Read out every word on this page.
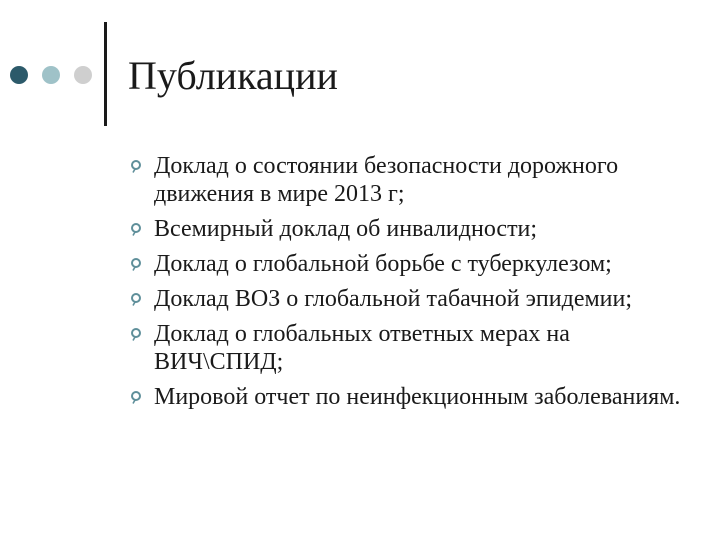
Публикации
Доклад о состоянии безопасности дорожного движения в мире 2013 г;
Всемирный доклад об инвалидности;
Доклад о глобальной борьбе с туберкулезом;
Доклад ВОЗ о глобальной табачной эпидемии;
Доклад о глобальных ответных мерах на ВИЧ\СПИД;
Мировой отчет по неинфекционным заболеваниям.
